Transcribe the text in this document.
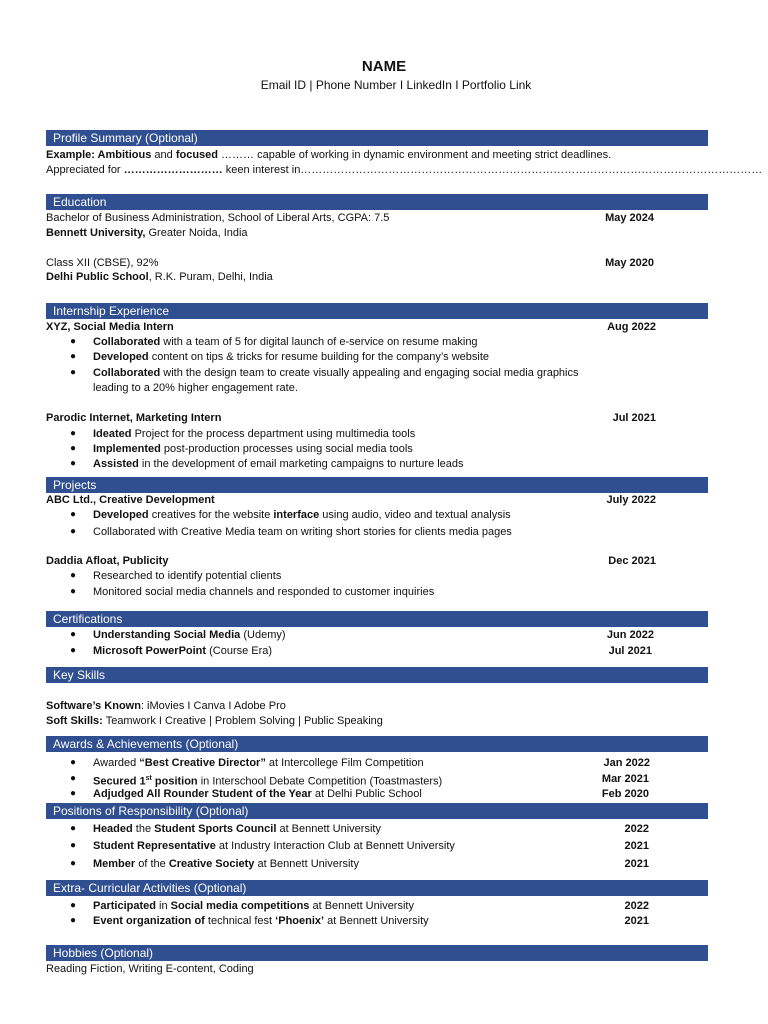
NAME
Email ID | Phone Number I LinkedIn I Portfolio Link
Profile Summary (Optional)
Example: Ambitious and focused ……… capable of working in dynamic environment and meeting strict deadlines.
Appreciated for ……………………… keen interest in………………………………………………………………………………………………………………
Education
Bachelor of Business Administration, School of Liberal Arts, CGPA: 7.5	May 2024
Bennett University, Greater Noida, India
Class XII (CBSE), 92%	May 2020
Delhi Public School, R.K. Puram, Delhi, India
Internship Experience
XYZ, Social Media Intern	Aug 2022
● Collaborated with a team of 5 for digital launch of e-service on resume making
● Developed content on tips & tricks for resume building for the company’s website
● Collaborated with the design team to create visually appealing and engaging social media graphics
leading to a 20% higher engagement rate.
Parodic Internet, Marketing Intern	Jul 2021
● Ideated Project for the process department using multimedia tools
● Implemented post-production processes using social media tools
● Assisted in the development of email marketing campaigns to nurture leads
Projects
ABC Ltd., Creative Development	July 2022
● Developed creatives for the website interface using audio, video and textual analysis
● Collaborated with Creative Media team on writing short stories for clients media pages
Daddia Afloat, Publicity	Dec 2021
● Researched to identify potential clients
● Monitored social media channels and responded to customer inquiries
Certifications
● Understanding Social Media (Udemy)	Jun 2022
● Microsoft PowerPoint (Course Era)	Jul 2021
Key Skills
Software’s Known: iMovies I Canva I Adobe Pro
Soft Skills: Teamwork I Creative | Problem Solving | Public Speaking
Awards & Achievements (Optional)
● Awarded “Best Creative Director” at Intercollege Film Competition	Jan 2022
● Secured 1st position in Interschool Debate Competition (Toastmasters)	Mar 2021
● Adjudged All Rounder Student of the Year at Delhi Public School	Feb 2020
Positions of Responsibility (Optional)
● Headed the Student Sports Council at Bennett University	2022
● Student Representative at Industry Interaction Club at Bennett University	2021
● Member of the Creative Society at Bennett University	2021
Extra- Curricular Activities (Optional)
● Participated in Social media competitions at Bennett University	2022
● Event organization of technical fest ‘Phoenix’ at Bennett University	2021
Hobbies (Optional)
Reading Fiction, Writing E-content, Coding
